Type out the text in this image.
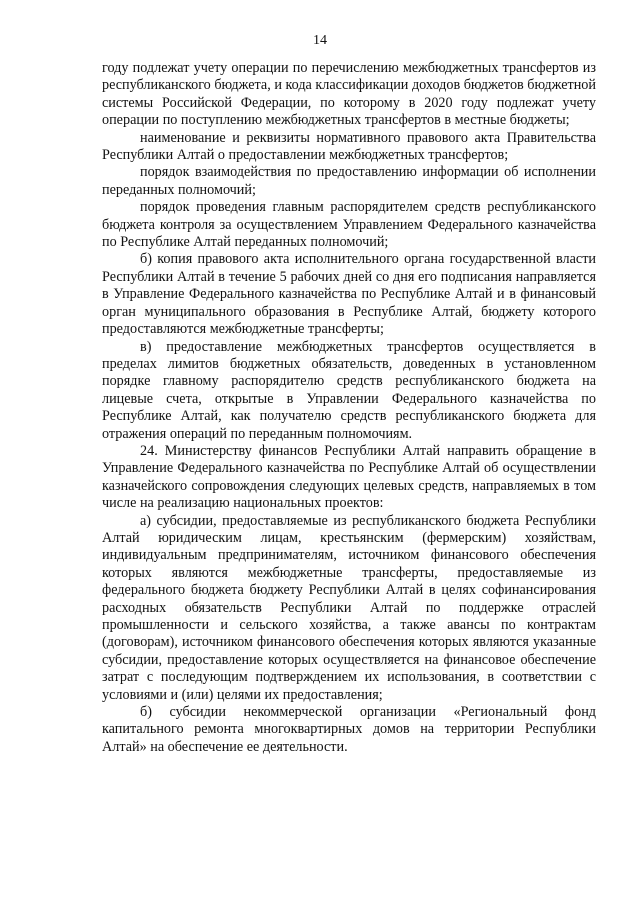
14

году подлежат учету операции по перечислению межбюджетных трансфертов из республиканского бюджета, и кода классификации доходов бюджетов бюджетной системы Российской Федерации, по которому в 2020 году подлежат учету операции по поступлению межбюджетных трансфертов в местные бюджеты;

наименование и реквизиты нормативного правового акта Правительства Республики Алтай о предоставлении межбюджетных трансфертов;

порядок взаимодействия по предоставлению информации об исполнении переданных полномочий;

порядок проведения главным распорядителем средств республиканского бюджета контроля за осуществлением Управлением Федерального казначейства по Республике Алтай переданных полномочий;

б) копия правового акта исполнительного органа государственной власти Республики Алтай в течение 5 рабочих дней со дня его подписания направляется в Управление Федерального казначейства по Республике Алтай и в финансовый орган муниципального образования в Республике Алтай, бюджету которого предоставляются межбюджетные трансферты;

в) предоставление межбюджетных трансфертов осуществляется в пределах лимитов бюджетных обязательств, доведенных в установленном порядке главному распорядителю средств республиканского бюджета на лицевые счета, открытые в Управлении Федерального казначейства по Республике Алтай, как получателю средств республиканского бюджета для отражения операций по переданным полномочиям.

24. Министерству финансов Республики Алтай направить обращение в Управление Федерального казначейства по Республике Алтай об осуществлении казначейского сопровождения следующих целевых средств, направляемых в том числе на реализацию национальных проектов:

а) субсидии, предоставляемые из республиканского бюджета Республики Алтай юридическим лицам, крестьянским (фермерским) хозяйствам, индивидуальным предпринимателям, источником финансового обеспечения которых являются межбюджетные трансферты, предоставляемые из федерального бюджета бюджету Республики Алтай в целях софинансирования расходных обязательств Республики Алтай по поддержке отраслей промышленности и сельского хозяйства, а также авансы по контрактам (договорам), источником финансового обеспечения которых являются указанные субсидии, предоставление которых осуществляется на финансовое обеспечение затрат с последующим подтверждением их использования, в соответствии с условиями и (или) целями их предоставления;

б) субсидии некоммерческой организации «Региональный фонд капитального ремонта многоквартирных домов на территории Республики Алтай» на обеспечение ее деятельности.
